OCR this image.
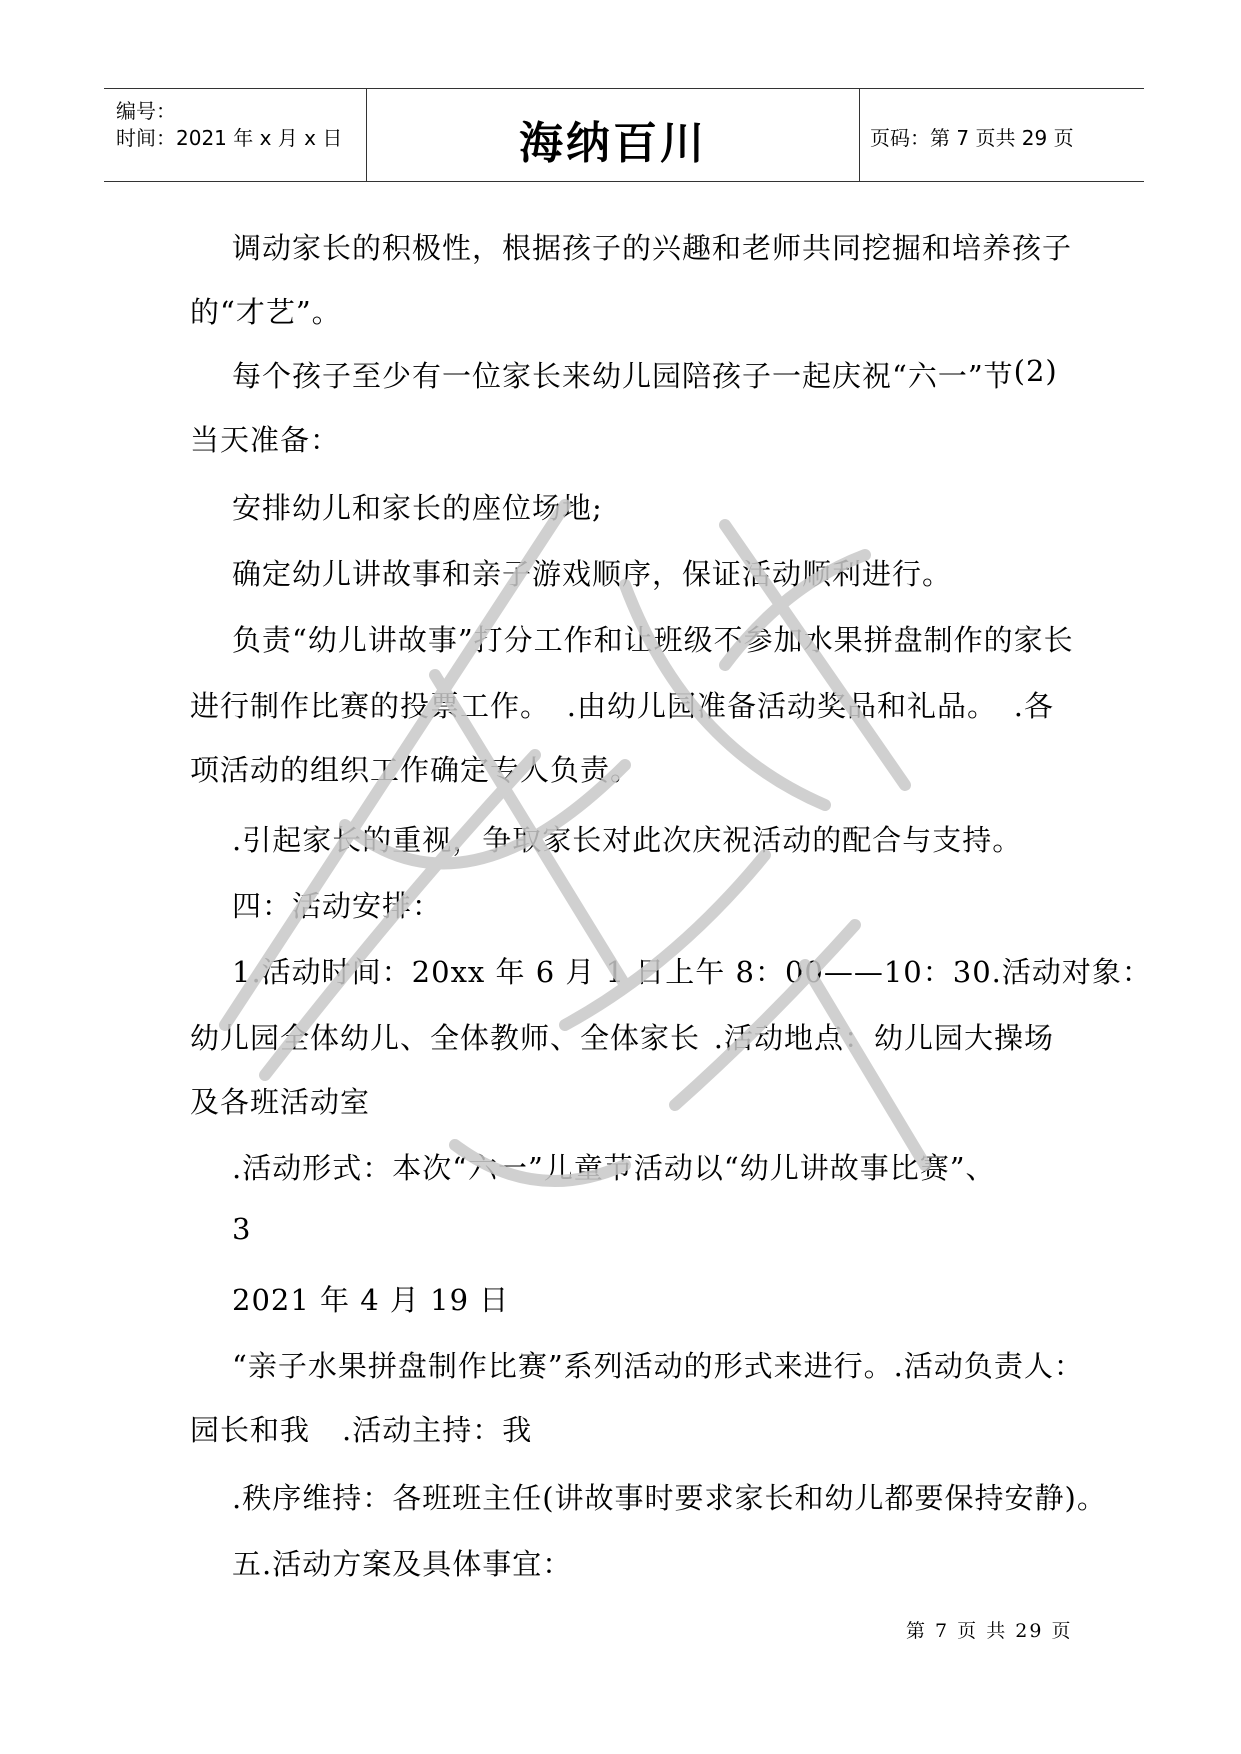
编号：
时间：2021 年 x 月 x 日	海纳百川	页码：第 7 页共 29 页
调动家长的积极性，根据孩子的兴趣和老师共同挖掘和培养孩子
的“才艺”。
每个孩子至少有一位家长来幼儿园陪孩子一起庆祝“六一”节 (2)
当天准备：
安排幼儿和家长的座位场地;
确定幼儿讲故事和亲子游戏顺序，保证活动顺利进行。
负责“幼儿讲故事”打分工作和让班级不参加水果拼盘制作的家长
进行制作比赛的投票工作。 .由幼儿园准备活动奖品和礼品。 .各
项活动的组织工作确定专人负责。
.引起家长的重视，争取家长对此次庆祝活动的配合与支持。
四：活动安排：
1.活动时间：20xx 年 6 月 1 日上午 8：00——10：30 .活动对象：
幼儿园全体幼儿、全体教师、全体家长 .活动地点：幼儿园大操场
及各班活动室
.活动形式：本次“六一”儿童节活动以“幼儿讲故事比赛”、
3
2021 年 4 月 19 日
“亲子水果拼盘制作比赛”系列活动的形式来进行。 .活动负责人：
园长和我 .活动主持：我
.秩序维持：各班班主任(讲故事时要求家长和幼儿都要保持安静)。
五.活动方案及具体事宜：
第 7 页 共 29 页
